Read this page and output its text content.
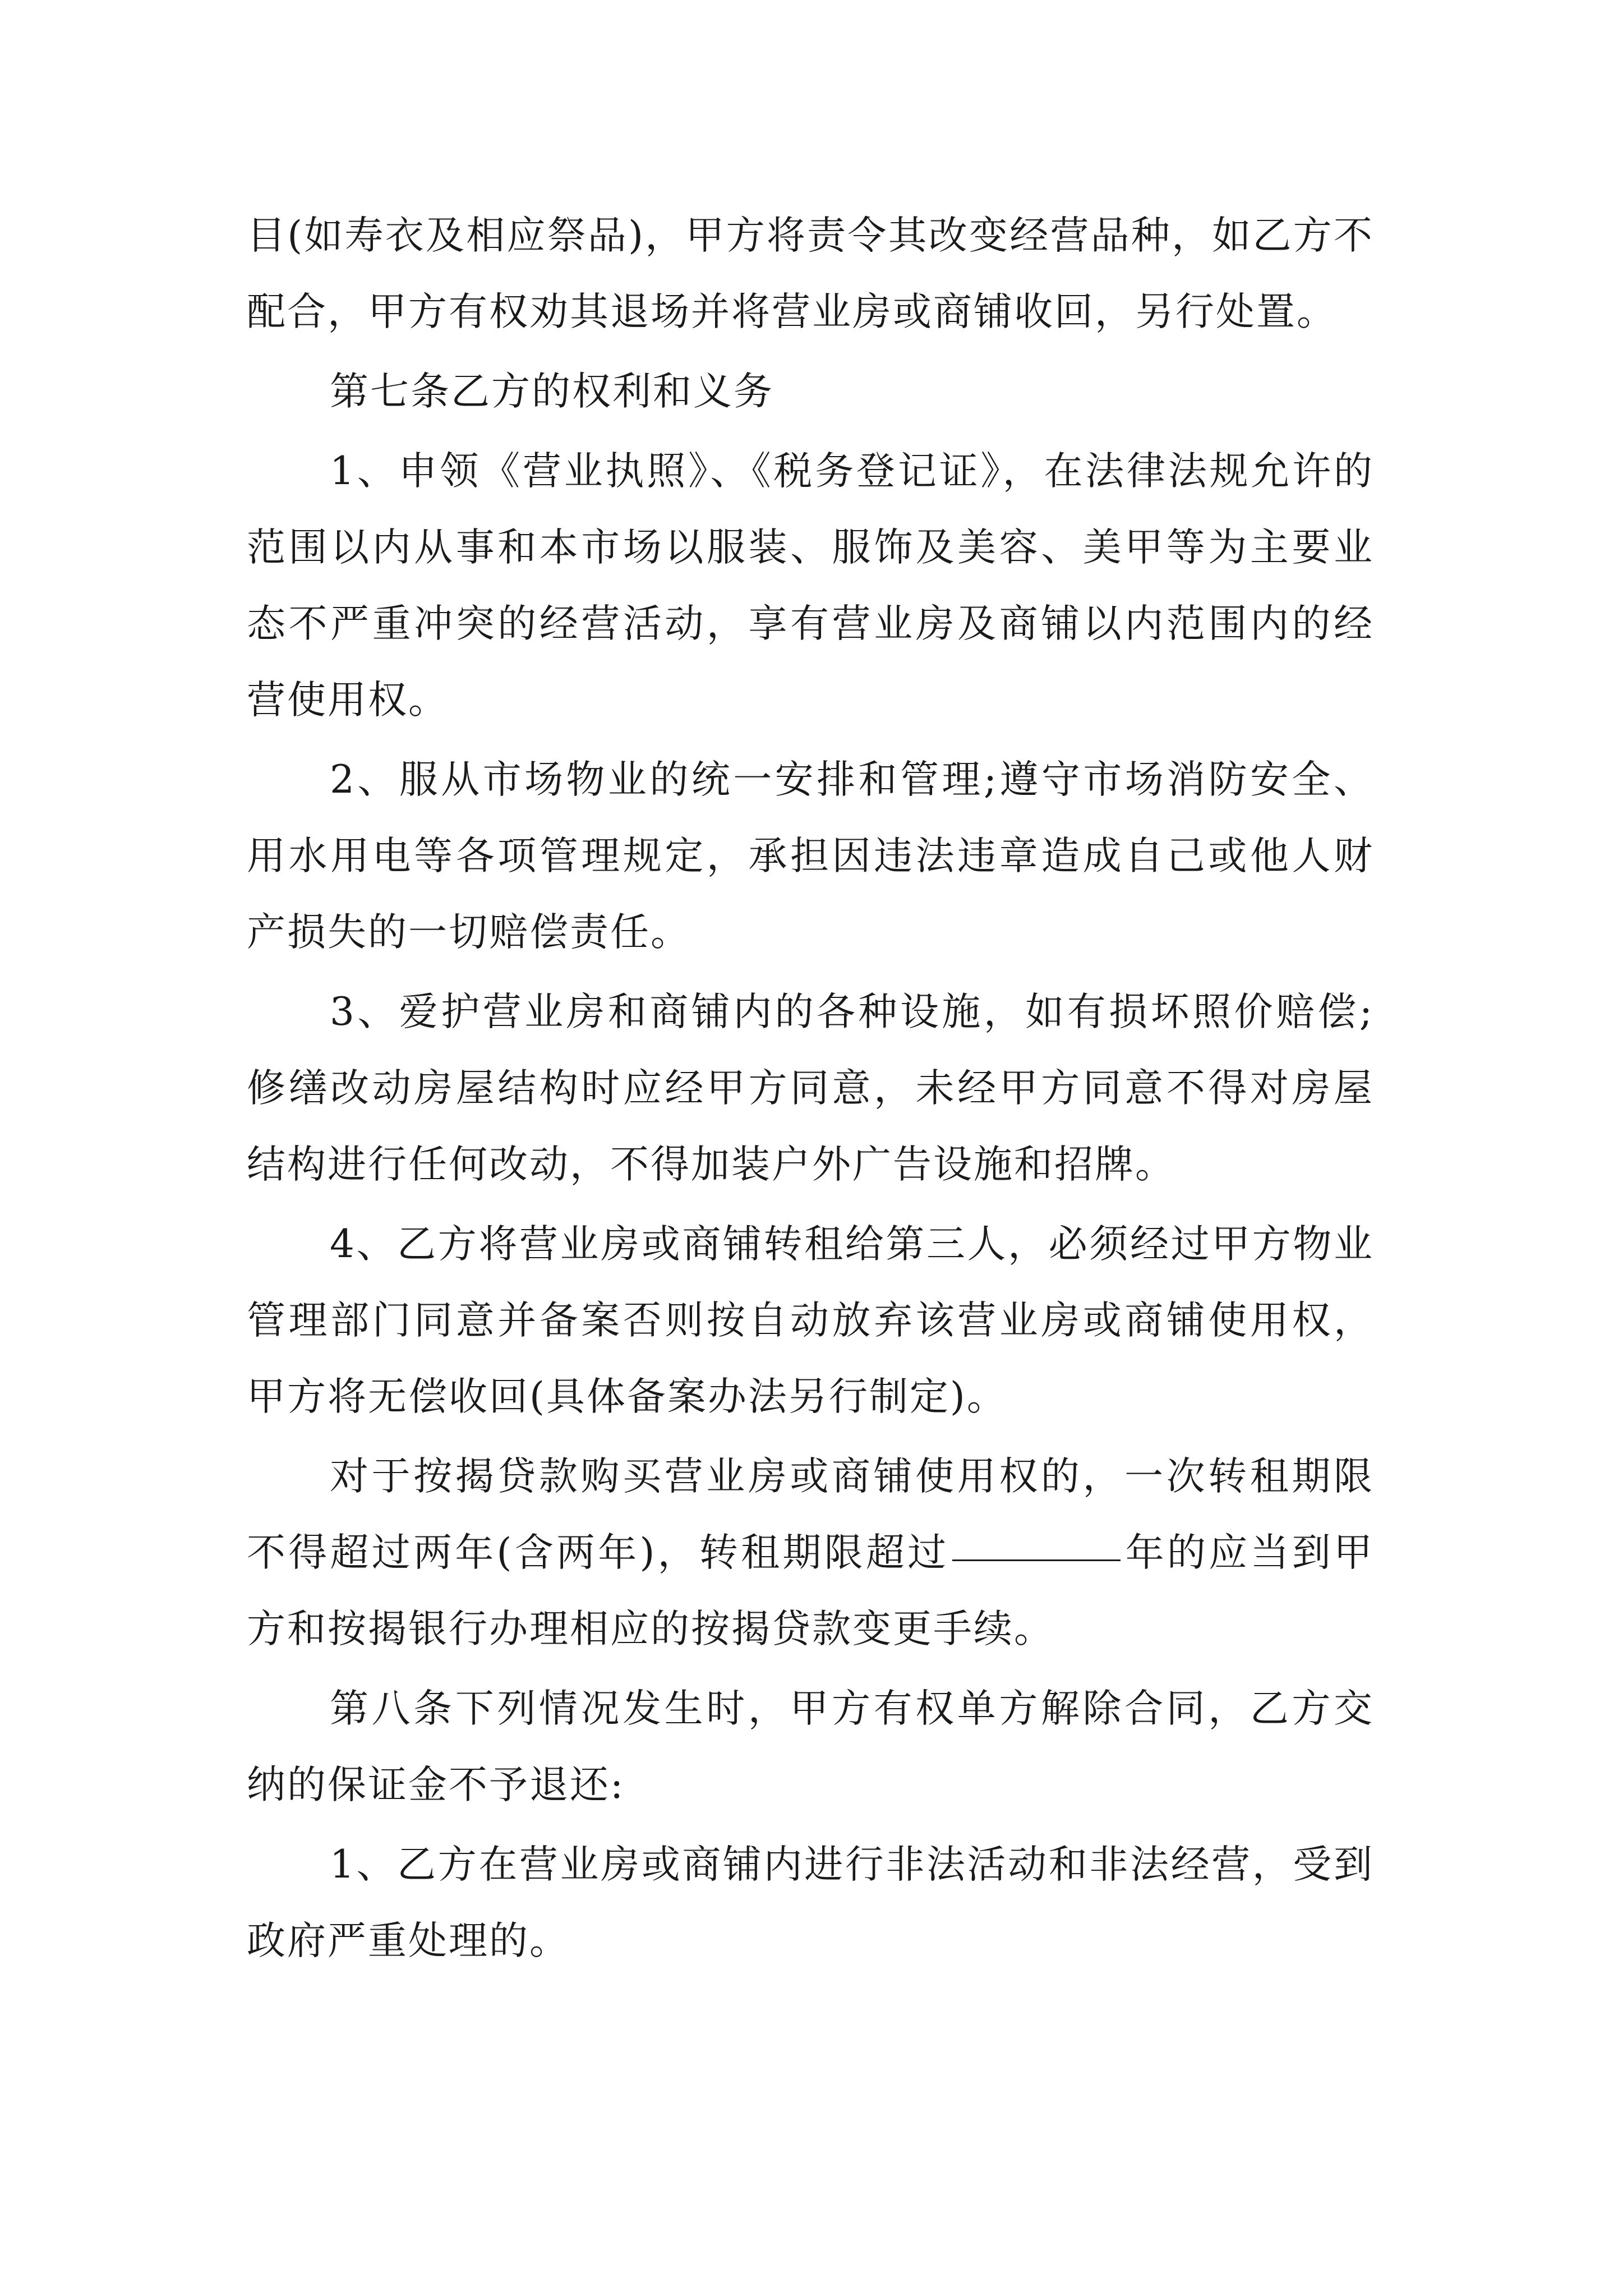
目(如寿衣及相应祭品)，甲方将责令其改变经营品种，如乙方不配合，甲方有权劝其退场并将营业房或商铺收回，另行处置。

第七条乙方的权利和义务

1、申领《营业执照》、《税务登记证》，在法律法规允许的范围以内从事和本市场以服装、服饰及美容、美甲等为主要业态不严重冲突的经营活动，享有营业房及商铺以内范围内的经营使用权。

2、服从市场物业的统一安排和管理;遵守市场消防安全、用水用电等各项管理规定，承担因违法违章造成自己或他人财产损失的一切赔偿责任。

3、爱护营业房和商铺内的各种设施，如有损坏照价赔偿;修缮改动房屋结构时应经甲方同意，未经甲方同意不得对房屋结构进行任何改动，不得加装户外广告设施和招牌。

4、乙方将营业房或商铺转租给第三人，必须经过甲方物业管理部门同意并备案否则按自动放弃该营业房或商铺使用权，甲方将无偿收回(具体备案办法另行制定)。

对于按揭贷款购买营业房或商铺使用权的，一次转租期限不得超过两年(含两年)，转租期限超过	年的应当到甲方和按揭银行办理相应的按揭贷款变更手续。

第八条下列情况发生时，甲方有权单方解除合同，乙方交纳的保证金不予退还:

1、乙方在营业房或商铺内进行非法活动和非法经营，受到政府严重处理的。
